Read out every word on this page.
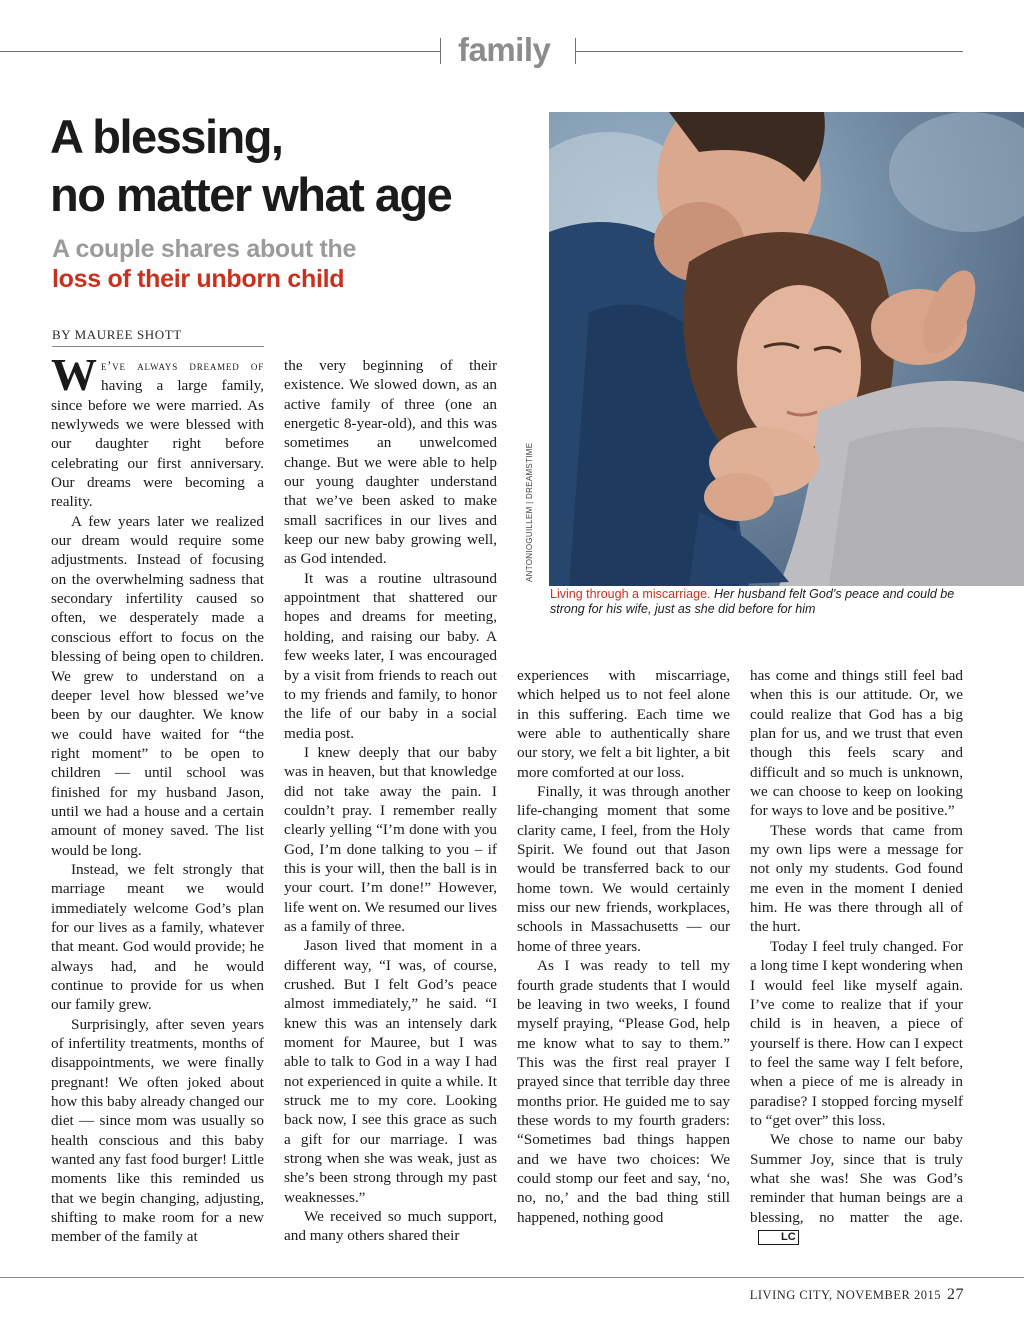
family
A blessing,
no matter what age
A couple shares about the
loss of their unborn child
BY MAUREE SHOTT
ANTONIOGUILLEM | DREAMSTIME
Living through a miscarriage. Her husband felt God’s peace and could be strong for his wife, just as she did before for him

We’ve always dreamed of having a large family, since before we were married. As newlyweds we were blessed with our daughter right before celebrating our first anniversary. Our dreams were becoming a reality.

A few years later we realized our dream would require some adjustments. Instead of focusing on the overwhelming sadness that secondary infertility caused so often, we desperately made a conscious effort to focus on the blessing of being open to children. We grew to understand on a deeper level how blessed we’ve been by our daughter. We know we could have waited for “the right moment” to be open to children — until school was finished for my husband Jason, until we had a house and a certain amount of money saved. The list would be long.

Instead, we felt strongly that marriage meant we would immediately welcome God’s plan for our lives as a family, whatever that meant. God would provide; he always had, and he would continue to provide for us when our family grew.

Surprisingly, after seven years of infertility treatments, months of disappointments, we were finally pregnant! We often joked about how this baby already changed our diet — since mom was usually so health conscious and this baby wanted any fast food burger! Little moments like this reminded us that we begin changing, adjusting, shifting to make room for a new member of the family at

the very beginning of their existence. We slowed down, as an active family of three (one an energetic 8-year-old), and this was sometimes an unwelcomed change. But we were able to help our young daughter understand that we’ve been asked to make small sacrifices in our lives and keep our new baby growing well, as God intended.

It was a routine ultrasound appointment that shattered our hopes and dreams for meeting, holding, and raising our baby. A few weeks later, I was encouraged by a visit from friends to reach out to my friends and family, to honor the life of our baby in a social media post.

I knew deeply that our baby was in heaven, but that knowledge did not take away the pain. I couldn’t pray. I remember really clearly yelling “I’m done with you God, I’m done talking to you – if this is your will, then the ball is in your court. I’m done!” However, life went on. We resumed our lives as a family of three.

Jason lived that moment in a different way, “I was, of course, crushed. But I felt God’s peace almost immediately,” he said. “I knew this was an intensely dark moment for Mauree, but I was able to talk to God in a way I had not experienced in quite a while. It struck me to my core. Looking back now, I see this grace as such a gift for our marriage. I was strong when she was weak, just as she’s been strong through my past weaknesses.”

We received so much support, and many others shared their

experiences with miscarriage, which helped us to not feel alone in this suffering. Each time we were able to authentically share our story, we felt a bit lighter, a bit more comforted at our loss.

Finally, it was through another life-changing moment that some clarity came, I feel, from the Holy Spirit. We found out that Jason would be transferred back to our home town. We would certainly miss our new friends, workplaces, schools in Massachusetts — our home of three years.

As I was ready to tell my fourth grade students that I would be leaving in two weeks, I found myself praying, “Please God, help me know what to say to them.” This was the first real prayer I prayed since that terrible day three months prior. He guided me to say these words to my fourth graders: “Sometimes bad things happen and we have two choices: We could stomp our feet and say, ‘no, no, no,’ and the bad thing still happened, nothing good

has come and things still feel bad when this is our attitude. Or, we could realize that God has a big plan for us, and we trust that even though this feels scary and difficult and so much is unknown, we can choose to keep on looking for ways to love and be positive.”

These words that came from my own lips were a message for not only my students. God found me even in the moment I denied him. He was there through all of the hurt.

Today I feel truly changed. For a long time I kept wondering when I would feel like myself again. I’ve come to realize that if your child is in heaven, a piece of yourself is there. How can I expect to feel the same way I felt before, when a piece of me is already in paradise? I stopped forcing myself to “get over” this loss.

We chose to name our baby Summer Joy, since that is truly what she was! She was God’s reminder that human beings are a blessing, no matter the age.LC

LIVING CITY, NOVEMBER 2015 27
